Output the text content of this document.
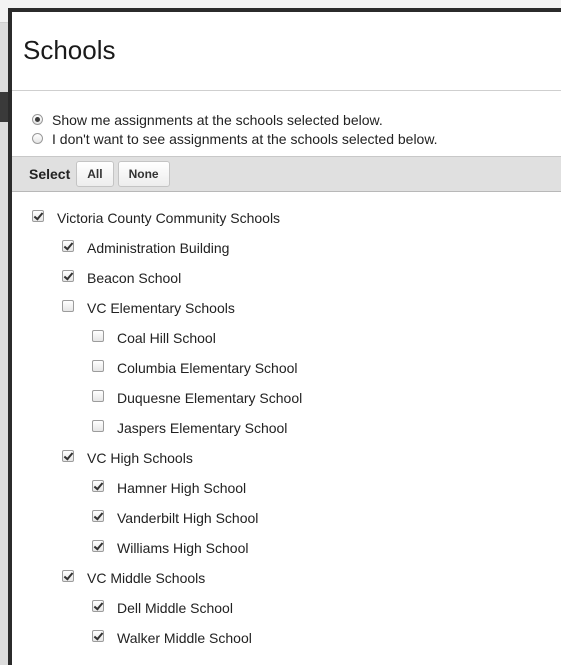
Schools
Show me assignments at the schools selected below.
I don't want to see assignments at the schools selected below.
Select	All	None
Victoria County Community Schools
Administration Building
Beacon School
VC Elementary Schools
Coal Hill School
Columbia Elementary School
Duquesne Elementary School
Jaspers Elementary School
VC High Schools
Hamner High School
Vanderbilt High School
Williams High School
VC Middle Schools
Dell Middle School
Walker Middle School
